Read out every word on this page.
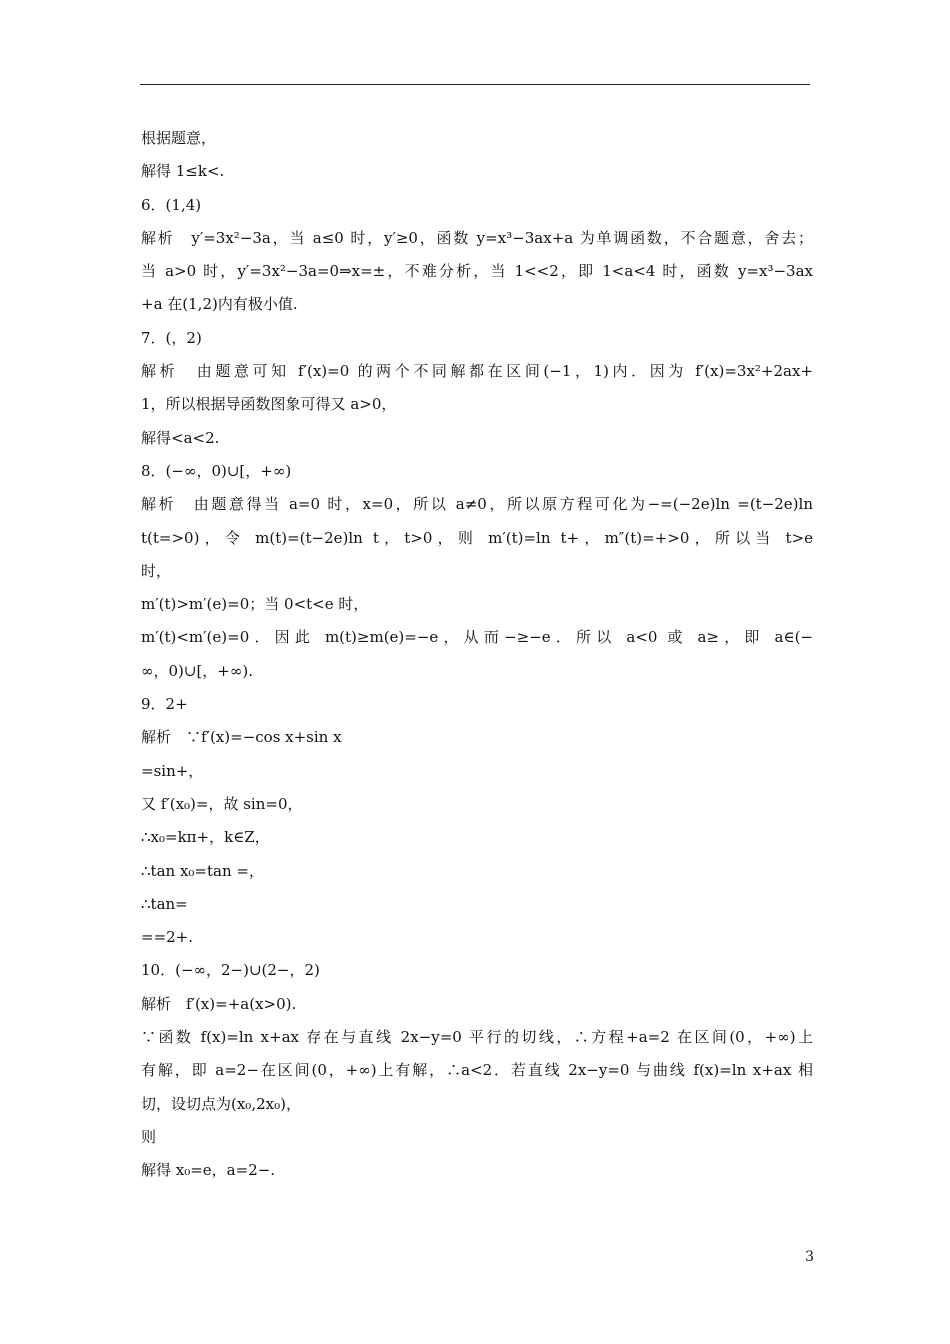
根据题意，
解得 1≤k<.
6．(1,4)
解析　y′=3x²−3a，当 a≤0 时，y′≥0，函数 y=x³−3ax+a 为单调函数，不合题意，舍去；
当 a>0 时，y′=3x²−3a=0⇒x=±，不难分析，当 1<<2，即 1<a<4 时，函数 y=x³−3ax
+a 在(1,2)内有极小值.
7．(，2)
解析　由题意可知 f′(x)=0 的两个不同解都在区间(−1，1)内．因为 f′(x)=3x²+2ax+
1，所以根据导函数图象可得又 a>0，
解得<a<2.
8．(−∞，0)∪[，+∞)
解析　由题意得当 a=0 时，x=0，所以 a≠0，所以原方程可化为−=(−2e)ln =(t−2e)ln
t(t=>0)，令 m(t)=(t−2e)ln t，t>0，则 m′(t)=ln t+，m″(t)=+>0，所以当 t>e
时，
m′(t)>m′(e)=0；当 0<t<e 时，
m′(t)<m′(e)=0．因此 m(t)≥m(e)=−e，从而−≥−e．所以 a<0 或 a≥，即 a∈(−
∞，0)∪[，+∞).
9．2+
解析　∵f′(x)=−cos x+sin x
=sin+，
又 f′(x₀)=，故 sin=0，
∴x₀=kπ+，k∈Z，
∴tan x₀=tan =，
∴tan=
==2+.
10．(−∞，2−)∪(2−，2)
解析　f′(x)=+a(x>0).
∵函数 f(x)=ln x+ax 存在与直线 2x−y=0 平行的切线，∴方程+a=2 在区间(0，+∞)上
有解，即 a=2−在区间(0，+∞)上有解，∴a<2．若直线 2x−y=0 与曲线 f(x)=ln x+ax 相
切，设切点为(x₀,2x₀)，
则
解得 x₀=e，a=2−.
3
